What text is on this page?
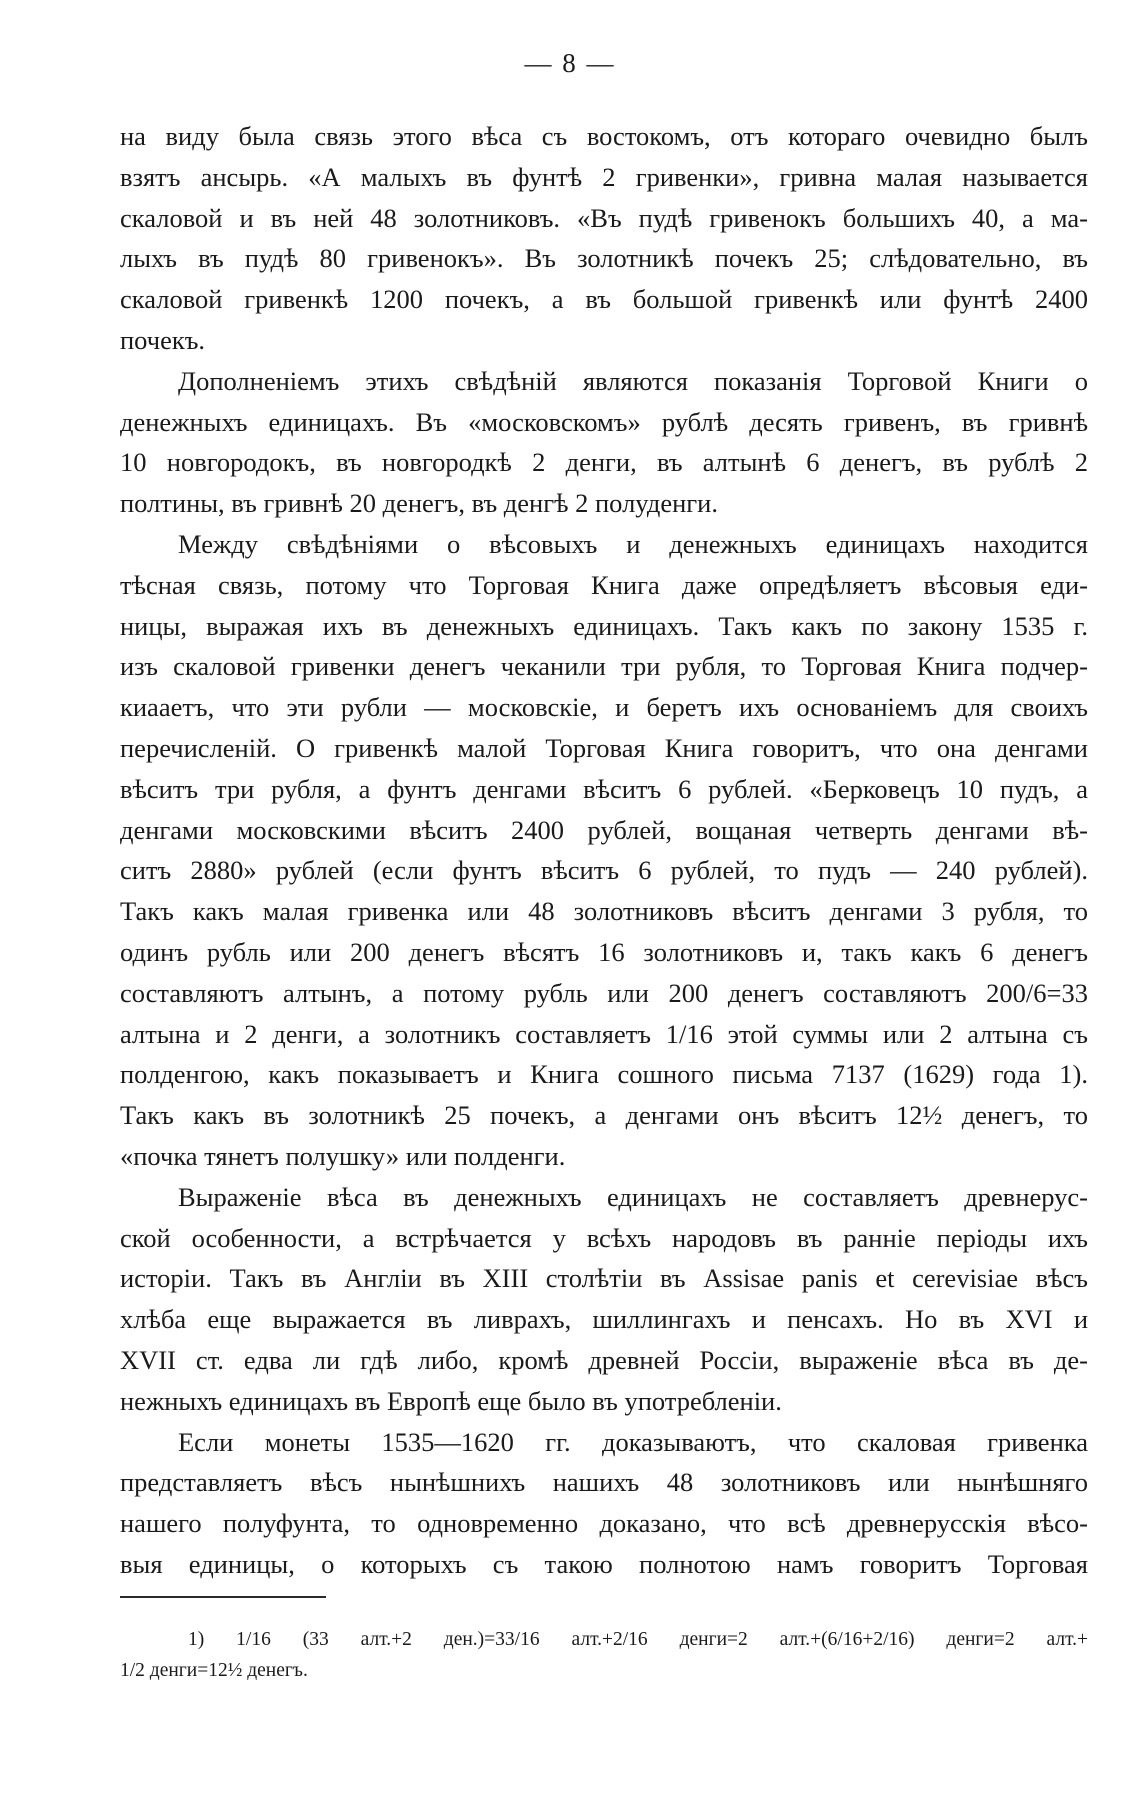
— 8 —
на виду была связь этого вѣса съ востокомъ, отъ котораго очевидно былъ
взятъ ансырь. «А малыхъ въ фунтѣ 2 гривенки», гривна малая называется
скаловой и въ ней 48 золотниковъ. «Въ пудѣ гривенокъ большихъ 40, а ма-
лыхъ въ пудѣ 80 гривенокъ». Въ золотникѣ почекъ 25; слѣдовательно, въ
скаловой гривенкѣ 1200 почекъ, а въ большой гривенкѣ или фунтѣ 2400
почекъ.
Дополненіемъ этихъ свѣдѣній являются показанія Торговой Книги о
денежныхъ единицахъ. Въ «московскомъ» рублѣ десять гривенъ, въ гривнѣ
10 новгородокъ, въ новгородкѣ 2 денги, въ алтынѣ 6 денегъ, въ рублѣ 2
полтины, въ гривнѣ 20 денегъ, въ денгѣ 2 полуденги.
Между свѣдѣніями о вѣсовыхъ и денежныхъ единицахъ находится
тѣсная связь, потому что Торговая Книга даже опредѣляетъ вѣсовыя еди-
ницы, выражая ихъ въ денежныхъ единицахъ. Такъ какъ по закону 1535 г.
изъ скаловой гривенки денегъ чеканили три рубля, то Торговая Книга подчер-
киааетъ, что эти рубли — московскіе, и беретъ ихъ основаніемъ для своихъ
перечисленій. О гривенкѣ малой Торговая Книга говоритъ, что она денгами
вѣситъ три рубля, а фунтъ денгами вѣситъ 6 рублей. «Берковецъ 10 пудъ, а
денгами московскими вѣситъ 2400 рублей, вощаная четверть денгами вѣ-
ситъ 2880» рублей (если фунтъ вѣситъ 6 рублей, то пудъ — 240 рублей).
Такъ какъ малая гривенка или 48 золотниковъ вѣситъ денгами 3 рубля, то
одинъ рубль или 200 денегъ вѣсятъ 16 золотниковъ и, такъ какъ 6 денегъ
составляютъ алтынъ, а потому рубль или 200 денегъ составляютъ 200/6=33
алтына и 2 денги, а золотникъ составляетъ 1/16 этой суммы или 2 алтына съ
полденгою, какъ показываетъ и Книга сошного письма 7137 (1629) года 1).
Такъ какъ въ золотникѣ 25 почекъ, а денгами онъ вѣситъ 12½ денегъ, то
«почка тянетъ полушку» или полденги.
Выраженіе вѣса въ денежныхъ единицахъ не составляетъ древнерус-
ской особенности, а встрѣчается у всѣхъ народовъ въ ранніе періоды ихъ
исторіи. Такъ въ Англіи въ XIII столѣтіи въ Assisae panis et cerevisiae вѣсъ
хлѣба еще выражается въ ливрахъ, шиллингахъ и пенсахъ. Но въ XVI и
XVII ст. едва ли гдѣ либо, кромѣ древней Россіи, выраженіе вѣса въ де-
нежныхъ единицахъ въ Европѣ еще было въ употребленіи.
Если монеты 1535—1620 гг. доказываютъ, что скаловая гривенка
представляетъ вѣсъ нынѣшнихъ нашихъ 48 золотниковъ или нынѣшняго
нашего полуфунта, то одновременно доказано, что всѣ древнерусскія вѣсо-
выя единицы, о которыхъ съ такою полнотою намъ говоритъ Торговая
1) 1/16 (33 алт.+2 ден.)=33/16 алт.+2/16 денги=2 алт.+(6/16+2/16) денги=2 алт.+
1/2 денги=12½ денегъ.
